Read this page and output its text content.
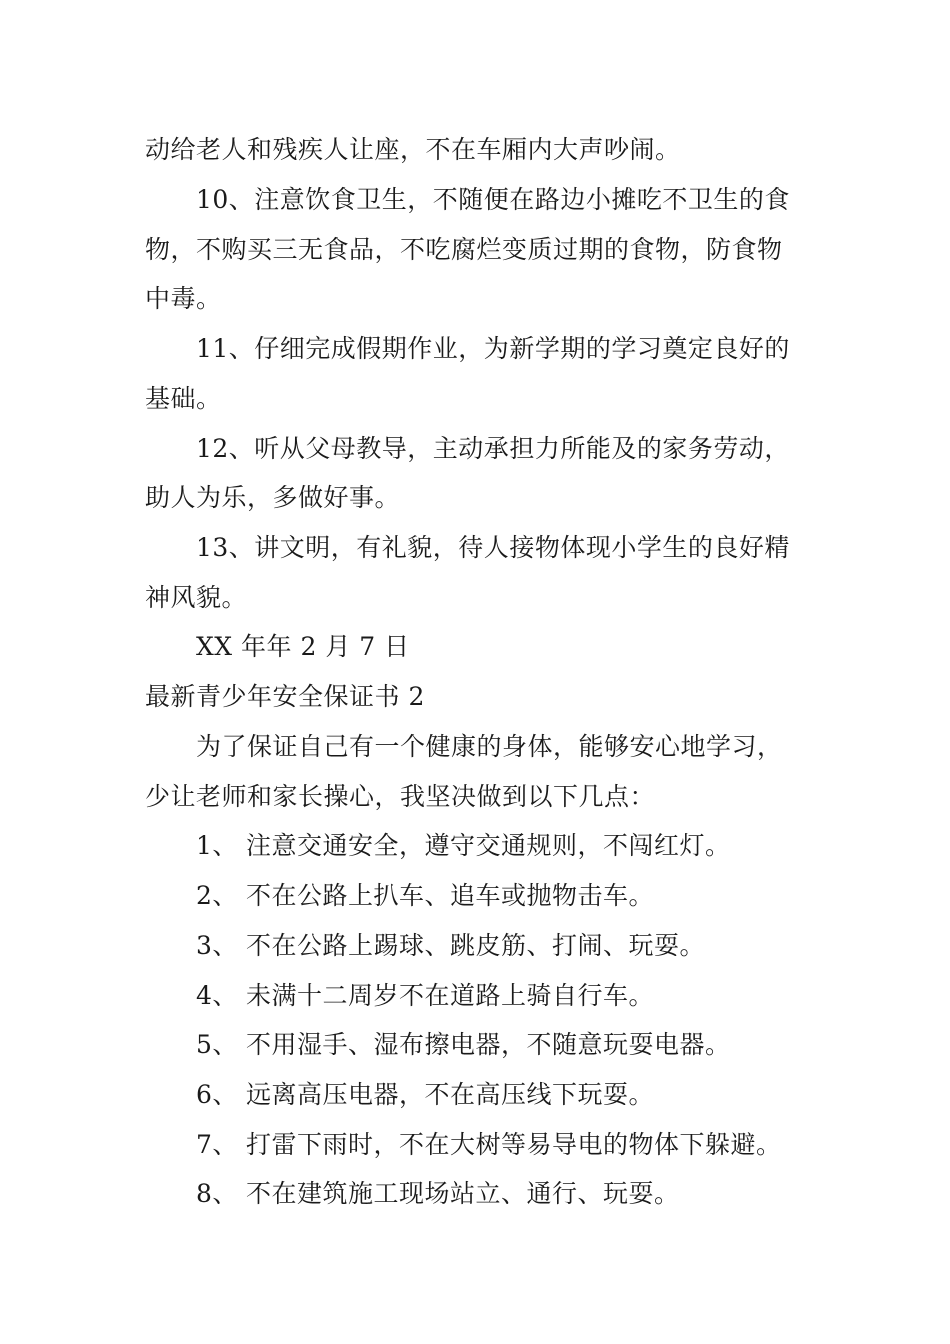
动给老人和残疾人让座，不在车厢内大声吵闹。
10、注意饮食卫生，不随便在路边小摊吃不卫生的食
物，不购买三无食品，不吃腐烂变质过期的食物，防食物
中毒。
11、仔细完成假期作业，为新学期的学习奠定良好的
基础。
12、听从父母教导，主动承担力所能及的家务劳动，
助人为乐，多做好事。
13、讲文明，有礼貌，待人接物体现小学生的良好精
神风貌。
XX 年年 2 月 7 日
最新青少年安全保证书 2
为了保证自己有一个健康的身体，能够安心地学习，
少让老师和家长操心，我坚决做到以下几点：
1、 注意交通安全，遵守交通规则，不闯红灯。
2、 不在公路上扒车、追车或抛物击车。
3、 不在公路上踢球、跳皮筋、打闹、玩耍。
4、 未满十二周岁不在道路上骑自行车。
5、 不用湿手、湿布擦电器，不随意玩耍电器。
6、 远离高压电器，不在高压线下玩耍。
7、 打雷下雨时，不在大树等易导电的物体下躲避。
8、 不在建筑施工现场站立、通行、玩耍。
